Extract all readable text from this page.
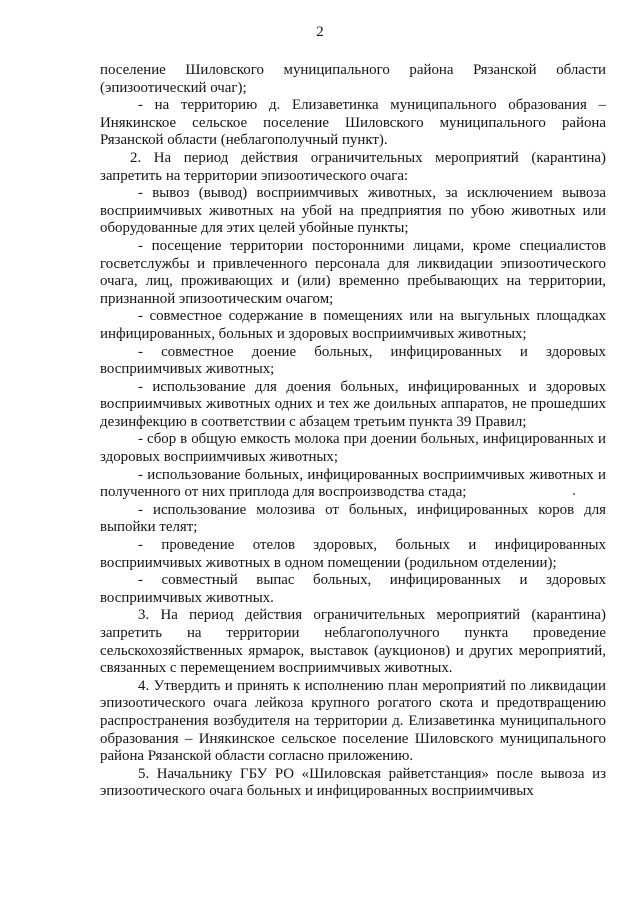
2

поселение Шиловского муниципального района Рязанской области (эпизоотический очаг);

- на территорию д. Елизаветинка муниципального образования – Инякинское сельское поселение Шиловского муниципального района Рязанской области (неблагополучный пункт).

2. На период действия ограничительных мероприятий (карантина) запретить на территории эпизоотического очага:

- вывоз (вывод) восприимчивых животных, за исключением вывоза восприимчивых животных на убой на предприятия по убою животных или оборудованные для этих целей убойные пункты;

- посещение территории посторонними лицами, кроме специалистов госветслужбы и привлеченного персонала для ликвидации эпизоотического очага, лиц, проживающих и (или) временно пребывающих на территории, признанной эпизоотическим очагом;

- совместное содержание в помещениях или на выгульных площадках инфицированных, больных и здоровых восприимчивых животных;

- совместное доение больных, инфицированных и здоровых восприимчивых животных;

- использование для доения больных, инфицированных и здоровых восприимчивых животных одних и тех же доильных аппаратов, не прошедших дезинфекцию в соответствии с абзацем третьим пункта 39 Правил;

- сбор в общую емкость молока при доении больных, инфицированных и здоровых восприимчивых животных;

- использование больных, инфицированных восприимчивых животных и полученного от них приплода для воспроизводства стада;

- использование молозива от больных, инфицированных коров для выпойки телят;

- проведение отелов здоровых, больных и инфицированных восприимчивых животных в одном помещении (родильном отделении);

- совместный выпас больных, инфицированных и здоровых восприимчивых животных.

3. На период действия ограничительных мероприятий (карантина) запретить на территории неблагополучного пункта проведение сельскохозяйственных ярмарок, выставок (аукционов) и других мероприятий, связанных с перемещением восприимчивых животных.

4. Утвердить и принять к исполнению план мероприятий по ликвидации эпизоотического очага лейкоза крупного рогатого скота и предотвращению распространения возбудителя на территории д. Елизаветинка муниципального образования – Инякинское сельское поселение Шиловского муниципального района Рязанской области согласно приложению.

5. Начальнику ГБУ РО «Шиловская райветстанция» после вывоза из эпизоотического очага больных и инфицированных восприимчивых
